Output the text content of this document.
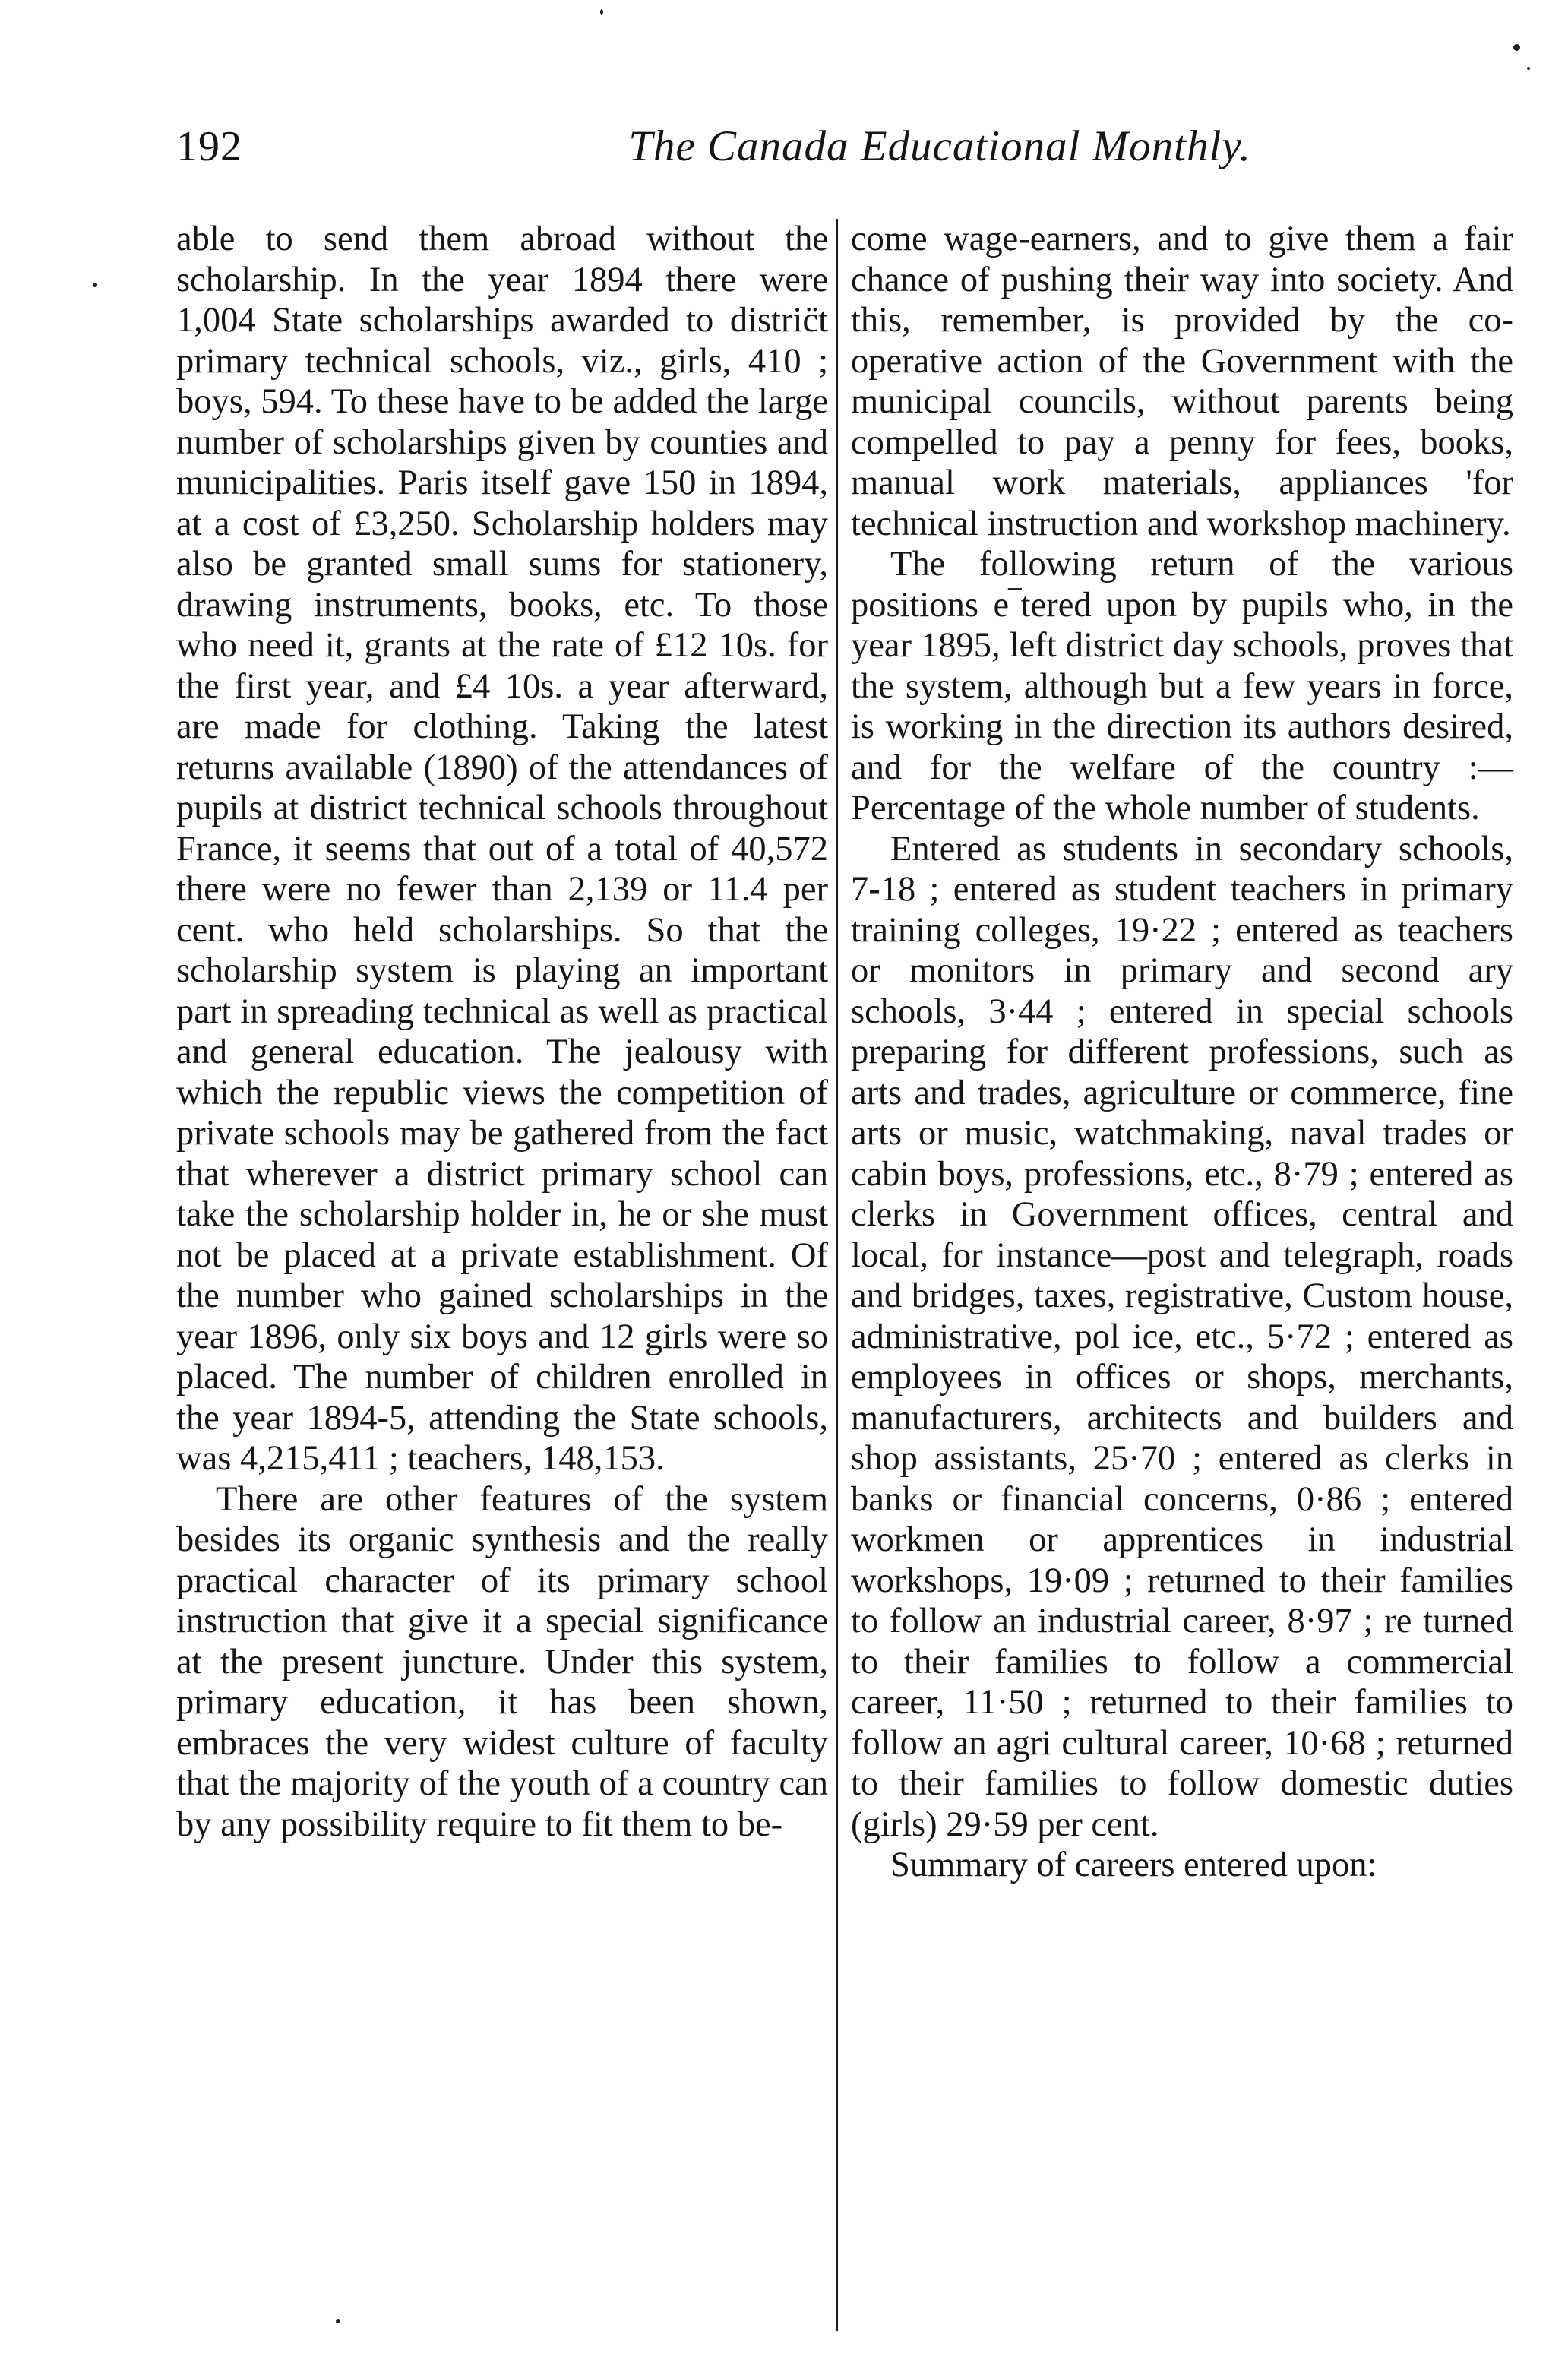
192	The Canada Educational Monthly.

able to send them abroad without the scholarship. In the year 1894 there were 1,004 State scholarships awarded to distric̈t primary technical schools, viz., girls, 410 ; boys, 594. To these have to be added the large number of scholarships given by counties and municipalities. Paris itself gave 150 in 1894, at a cost of £3,250. Scholarship holders may also be granted small sums for stationery, drawing instruments, books, etc. To those who need it, grants at the rate of £12 10s. for the first year, and £4 10s. a year afterward, are made for clothing. Taking the latest returns available (1890) of the attendances of pupils at district technical schools throughout France, it seems that out of a total of 40,572 there were no fewer than 2,139 or 11.4 per cent. who held scholarships. So that the scholarship system is playing an important part in spreading technical as well as practical and general education. The jealousy with which the republic views the competition of private schools may be gathered from the fact that wherever a district primary school can take the scholarship holder in, he or she must not be placed at a private establishment. Of the number who gained scholarships in the year 1896, only six boys and 12 girls were so placed. The number of children enrolled in the year 1894-5, attending the State schools, was 4,215,411 ; teachers, 148,153.

There are other features of the system besides its organic synthesis and the really practical character of its primary school instruction that give it a special significance at the present juncture. Under this system, primary education, it has been shown, embraces the very widest culture of faculty that the majority of the youth of a country can by any possibility require to fit them to be-

come wage-earners, and to give them a fair chance of pushing their way into society. And this, remember, is provided by the co-operative action of the Government with the municipal councils, without parents being compelled to pay a penny for fees, books, manual work materials, appliances 'for technical instruction and workshop machinery.

The following return of the various positions e‾tered upon by pupils who, in the year 1895, left district day schools, proves that the system, although but a few years in force, is working in the direction its authors desired, and for the welfare of the country :—Percentage of the whole number of students.

Entered as students in secondary schools, 7-18 ; entered as student teachers in primary training colleges, 19·22 ; entered as teachers or monitors in primary and second ary schools, 3·44 ; entered in special schools preparing for different professions, such as arts and trades, agriculture or commerce, fine arts or music, watchmaking, naval trades or cabin boys, professions, etc., 8·79 ; entered as clerks in Government offices, central and local, for instance—post and telegraph, roads and bridges, taxes, registrative, Custom house, administrative, pol ice, etc., 5·72 ; entered as employees in offices or shops, merchants, manufacturers, architects and builders and shop assistants, 25·70 ; entered as clerks in banks or financial concerns, 0·86 ; entered workmen or apprentices in industrial workshops, 19·09 ; returned to their families to follow an industrial career, 8·97 ; re turned to their families to follow a commercial career, 11·50 ; returned to their families to follow an agri cultural career, 10·68 ; returned to their families to follow domestic duties (girls) 29·59 per cent.

Summary of careers entered upon:
